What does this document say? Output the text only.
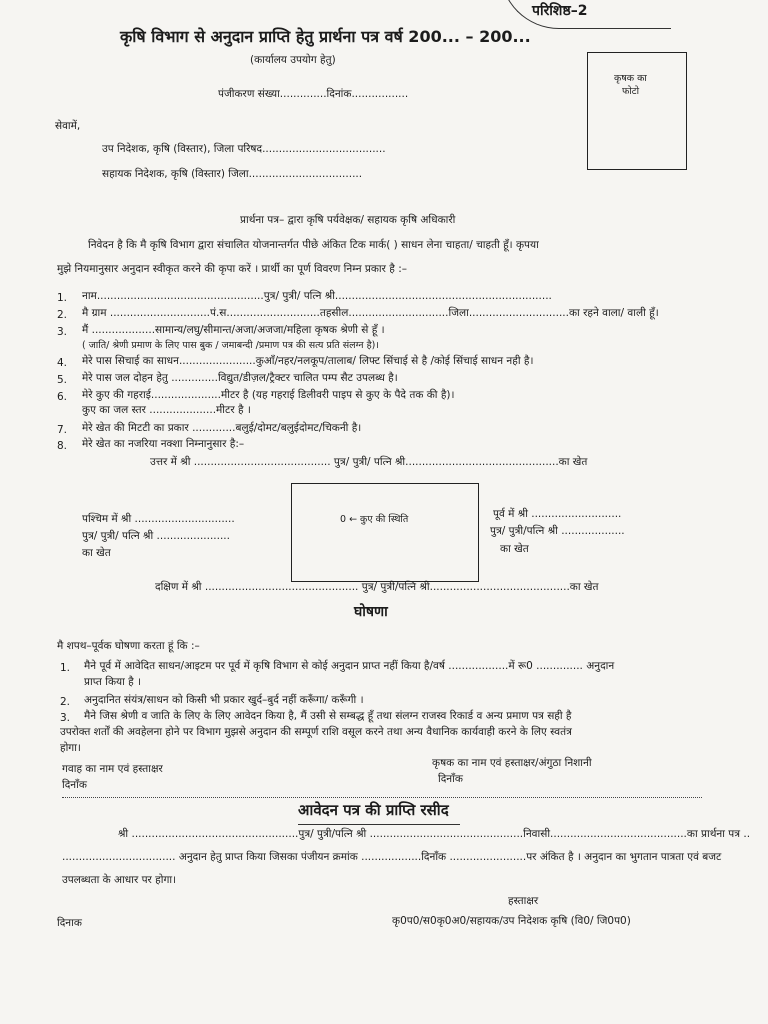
परिशिष्ठ–2
कृषि विभाग से अनुदान प्राप्ति हेतु प्रार्थना पत्र वर्ष 200... – 200...
(कार्यालय उपयोग हेतु)
पंजीकरण संख्या..............दिनांक.................
कृषक का
फोटो
सेवामें,
उप निदेशक, कृषि (विस्तार), जिला परिषद.....................................
सहायक निदेशक, कृषि (विस्तार) जिला..................................
प्रार्थना पत्र– द्वारा कृषि पर्यवेक्षक/ सहायक कृषि अधिकारी
निवेदन है कि मै कृषि विभाग द्वारा संचालित योजनान्तर्गत पीछे अंकित टिक मार्क( ) साधन लेना चाहता/ चाहती हूँ। कृपया
मुझे नियमानुसार अनुदान स्वीकृत करने की कृपा करें । प्रार्थी का पूर्ण विवरण निम्न प्रकार है :–
1. नाम..................................................पुत्र/ पुत्री/ पत्नि श्री.................................................................
2. मै ग्राम ..............................पं.स............................तहसील..............................जिला..............................का रहने वाला/ वाली हूँ।
3. मैं ...................सामान्य/लघु/सीमान्त/अजा/अजजा/महिला कृषक श्रेणी से हूँ ।
( जाति/ श्रेणी प्रमाण के लिए पास बुक / जमाबन्दी /प्रमाण पत्र की सत्य प्रति संलग्न है)।
4. मेरे पास सिचाई का साधन.......................कुआँ/नहर/नलकूप/तालाब/ लिफ्ट सिंचाई से है /कोई सिंचाई साधन नही है।
5. मेरे पास जल दोहन हेतु ..............विद्युत/डीज़ल/ट्रैक्टर चालित पम्प सैट उपलब्ध है।
6. मेरे कुए की गहराई.....................मीटर है (यह गहराई डिलीवरी पाइप से कुए के पैदे तक की है)।
कुए का जल स्तर ....................मीटर है ।
7. मेरे खेत की मिटटी का प्रकार .............बलुई/दोमट/बलुईदोमट/चिकनी है।
8. मेरे खेत का नजरिया नक्शा निम्नानुसार है:–
उत्तर में श्री ......................................... पुत्र/ पुत्री/ पत्नि श्री..............................................का खेत
0 ← कुए की स्थिति
पश्चिम में श्री ..............................
पुत्र/ पुत्री/ पत्नि श्री ......................
का खेत
पूर्व में श्री ...........................
पुत्र/ पुत्री/पत्नि श्री ...................
का खेत
दक्षिण में श्री .............................................. पुत्र/ पुत्री/पत्नि श्री..........................................का खेत
घोषणा
मै शपथ–पूर्वक घोषणा करता हूं कि :–
1. मैने पूर्व में आवेदित साधन/आइटम पर पूर्व में कृषि विभाग से कोई अनुदान प्राप्त नहीं किया है/वर्ष ..................में रू0 .............. अनुदान
प्राप्त किया है ।
2. अनुदानित संयंत्र/साधन को किसी भी प्रकार खुर्द–बुर्द नहीं करूँगा/ करूँगी ।
3. मैने जिस श्रेणी व जाति के लिए के लिए आवेदन किया है, मैं उसी से सम्बद्ध हूँ तथा संलग्न राजस्व रिकार्ड व अन्य प्रमाण पत्र सही है
उपरोक्त शर्तों की अवहेलना होने पर विभाग मुझसे अनुदान की सम्पूर्ण राशि वसूल करने तथा अन्य वैधानिक कार्यवाही करने के लिए स्वतंत्र
होगा।
गवाह का नाम एवं हस्ताक्षर
दिनाँक
कृषक का नाम एवं हस्ताक्षर/अंगुठा निशानी
दिनाँक
आवेदन पत्र की प्राप्ति रसीद
श्री ..................................................पुत्र/ पुत्री/पत्नि श्री ..............................................निवासी.........................................का प्रार्थना पत्र ..
.................................. अनुदान हेतु प्राप्त किया जिसका पंजीयन क्रमांक ..................दिनाँक .......................पर अंकित है । अनुदान का भुगतान पात्रता एवं बजट
उपलब्धता के आधार पर होगा।
हस्ताक्षर
दिनाक	कृ0प0/स0कृ0अ0/सहायक/उप निदेशक कृषि (वि0/ जि0प0)
